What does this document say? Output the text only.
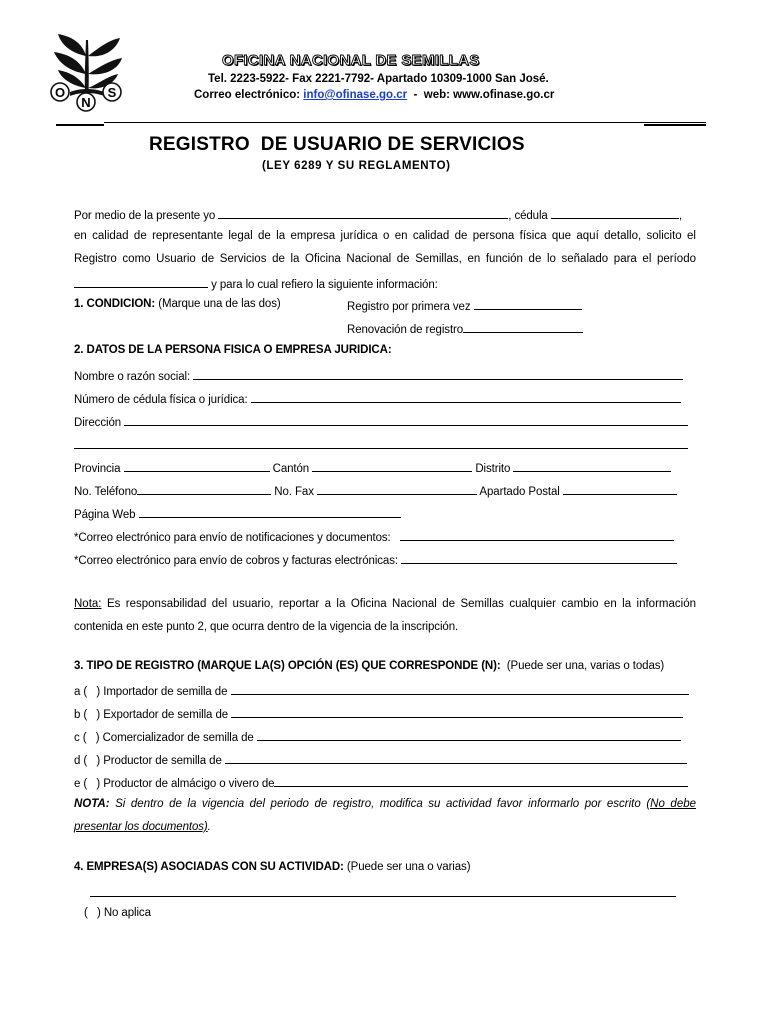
O
N
S
OFICINA NACIONAL DE SEMILLAS
Tel. 2223-5922- Fax 2221-7792- Apartado 10309-1000 San José.
Correo electrónico: info@ofinase.go.cr - web: www.ofinase.go.cr
REGISTRO  DE USUARIO DE SERVICIOS
(LEY 6289 Y SU REGLAMENTO)
Por medio de la presente yo	, cédula	,
en calidad de representante legal de la empresa jurídica o en calidad de persona física que aquí detallo, solicito el
Registro como Usuario de Servicios de la Oficina Nacional de Semillas, en función de lo señalado para el período
y para lo cual refiero la siguiente información:
1. CONDICION: (Marque una de las dos)	Registro por primera vez
Renovación de registro
2. DATOS DE LA PERSONA FISICA O EMPRESA JURIDICA:
Nombre o razón social:
Número de cédula física o jurídica:
Dirección
Provincia	Cantón	Distrito
No. Teléfono	No. Fax	Apartado Postal
Página Web
*Correo electrónico para envío de notificaciones y documentos:
*Correo electrónico para envío de cobros y facturas electrónicas:
Nota: Es responsabilidad del usuario, reportar a la Oficina Nacional de Semillas cualquier cambio en la información
contenida en este punto 2, que ocurra dentro de la vigencia de la inscripción.
3. TIPO DE REGISTRO (MARQUE LA(S) OPCIÓN (ES) QUE CORRESPONDE (N): (Puede ser una, varias o todas)
a (   ) Importador de semilla de
b (   ) Exportador de semilla de
c (   ) Comercializador de semilla de
d (   ) Productor de semilla de
e (   ) Productor de almácigo o vivero de
NOTA: Si dentro de la vigencia del periodo de registro, modifica su actividad favor informarlo por escrito (No debe
presentar los documentos).
4. EMPRESA(S) ASOCIADAS CON SU ACTIVIDAD: (Puede ser una o varias)
(   ) No aplica
